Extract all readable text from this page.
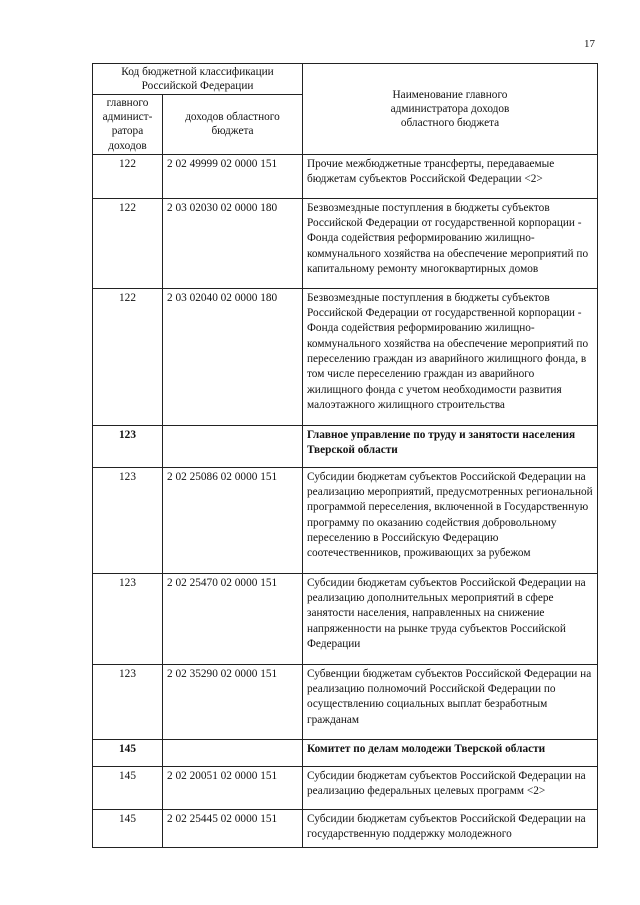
17
Код бюджетной классификации Российской Федерации		Наименование главного администратора доходов областного бюджета
главного админист-ратора доходов	доходов областного бюджета	
122	2 02 49999 02 0000 151	Прочие межбюджетные трансферты, передаваемые бюджетам субъектов Российской Федерации <2>
122	2 03 02030 02 0000 180	Безвозмездные поступления в бюджеты субъектов Российской Федерации от государственной корпорации - Фонда содействия реформированию жилищно-коммунального хозяйства на обеспечение мероприятий по капитальному ремонту многоквартирных домов
122	2 03 02040 02 0000 180	Безвозмездные поступления в бюджеты субъектов Российской Федерации от государственной корпорации - Фонда содействия реформированию жилищно-коммунального хозяйства на обеспечение мероприятий по переселению граждан из аварийного жилищного фонда, в том числе переселению граждан из аварийного жилищного фонда с учетом необходимости развития малоэтажного жилищного строительства
123		Главное управление по труду и занятости населения Тверской области
123	2 02 25086 02 0000 151	Субсидии бюджетам субъектов Российской Федерации на реализацию мероприятий, предусмотренных региональной программой переселения, включенной в Государственную программу по оказанию содействия добровольному переселению в Российскую Федерацию соотечественников, проживающих за рубежом
123	2 02 25470 02 0000 151	Субсидии бюджетам субъектов Российской Федерации на реализацию дополнительных мероприятий в сфере занятости населения, направленных на снижение напряженности на рынке труда субъектов Российской Федерации
123	2 02 35290 02 0000 151	Субвенции бюджетам субъектов Российской Федерации на реализацию полномочий Российской Федерации по осуществлению социальных выплат безработным гражданам
145		Комитет по делам молодежи Тверской области
145	2 02 20051 02 0000 151	Субсидии бюджетам субъектов Российской Федерации на реализацию федеральных целевых программ <2>
145	2 02 25445 02 0000 151	Субсидии бюджетам субъектов Российской Федерации на государственную поддержку молодежного
